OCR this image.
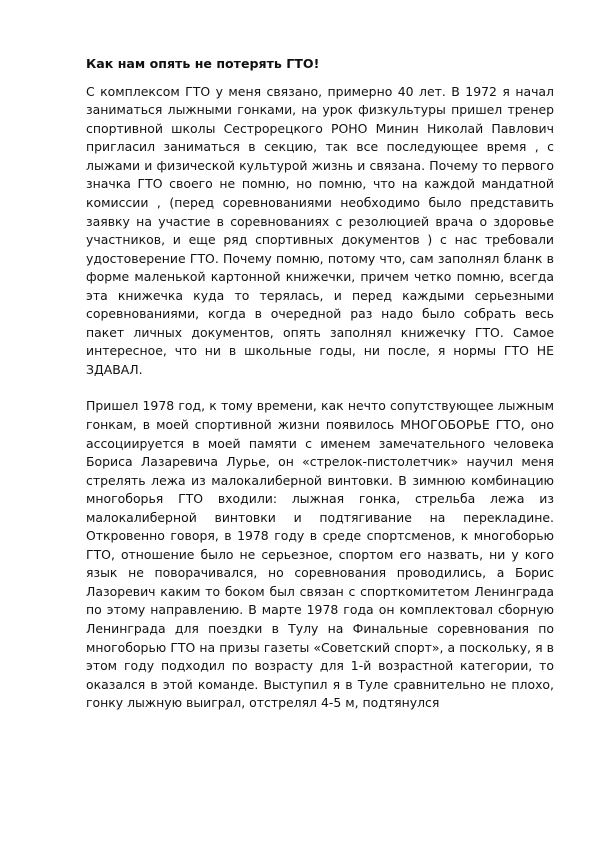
Как нам опять не потерять ГТО!

С комплексом ГТО у меня связано, примерно 40 лет. В 1972 я начал заниматься лыжными гонками, на урок физкультуры пришел тренер спортивной школы Сестрорецкого РОНО Минин Николай Павлович пригласил заниматься в секцию, так все последующее время , с лыжами и физической культурой жизнь и связана. Почему то первого значка ГТО своего не помню, но помню, что на каждой мандатной комиссии , (перед соревнованиями необходимо было представить заявку на участие в соревнованиях с резолюцией врача о здоровье участников, и еще ряд спортивных документов ) с нас требовали удостоверение ГТО. Почему помню, потому что, сам заполнял бланк в форме маленькой картонной книжечки, причем четко помню, всегда эта книжечка куда то терялась, и перед каждыми серьезными соревнованиями, когда в очередной раз надо было собрать весь пакет личных документов, опять заполнял книжечку ГТО. Самое интересное, что ни в школьные годы, ни после, я нормы ГТО НЕ ЗДАВАЛ.

Пришел 1978 год, к тому времени, как нечто сопутствующее лыжным гонкам, в моей спортивной жизни появилось МНОГОБОРЬЕ ГТО, оно ассоциируется в моей памяти с именем замечательного человека Бориса Лазаревича Лурье, он «стрелок-пистолетчик» научил меня стрелять лежа из малокалиберной винтовки. В зимнюю комбинацию многоборья ГТО входили: лыжная гонка, стрельба лежа из малокалиберной винтовки и подтягивание на перекладине. Откровенно говоря, в 1978 году в среде спортсменов, к многоборью ГТО, отношение было не серьезное, спортом его назвать, ни у кого язык не поворачивался, но соревнования проводились, а Борис Лазоревич каким то боком был связан с спорткомитетом Ленинграда по этому направлению. В марте 1978 года он комплектовал сборную Ленинграда для поездки в Тулу на Финальные соревнования по многоборью ГТО на призы газеты «Советский спорт», а поскольку, я в этом году подходил по возрасту для 1-й возрастной категории, то оказался в этой команде. Выступил я в Туле сравнительно не плохо, гонку лыжную выиграл, отстрелял 4-5 м, подтянулся
